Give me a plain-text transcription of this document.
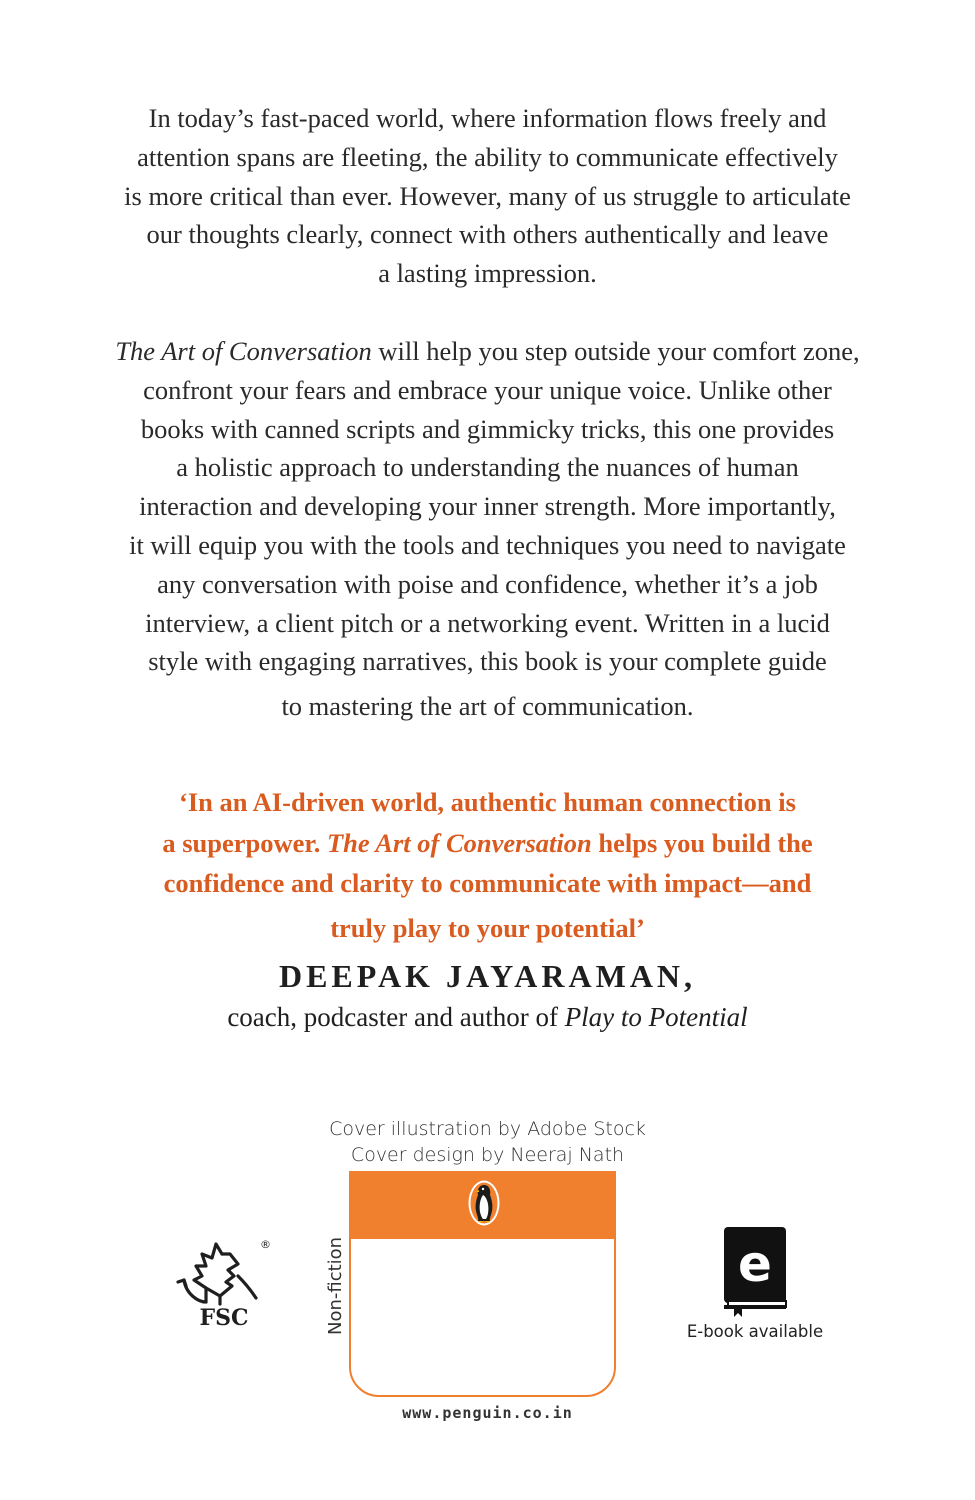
In today’s fast-paced world, where information flows freely and
attention spans are fleeting, the ability to communicate effectively
is more critical than ever. However, many of us struggle to articulate
our thoughts clearly, connect with others authentically and leave
a lasting impression.
The Art of Conversation will help you step outside your comfort zone,
confront your fears and embrace your unique voice. Unlike other
books with canned scripts and gimmicky tricks, this one provides
a holistic approach to understanding the nuances of human
interaction and developing your inner strength. More importantly,
it will equip you with the tools and techniques you need to navigate
any conversation with poise and confidence, whether it’s a job
interview, a client pitch or a networking event. Written in a lucid
style with engaging narratives, this book is your complete guide
to mastering the art of communication.
‘In an AI-driven world, authentic human connection is
a superpower. The Art of Conversation helps you build the
confidence and clarity to communicate with impact—and
truly play to your potential’
DEEPAK JAYARAMAN,
coach, podcaster and author of Play to Potential
Cover illustration by Adobe Stock
Cover design by Neeraj Nath
Non-fiction
www.penguin.co.in
®
FSC
e
E-book available
